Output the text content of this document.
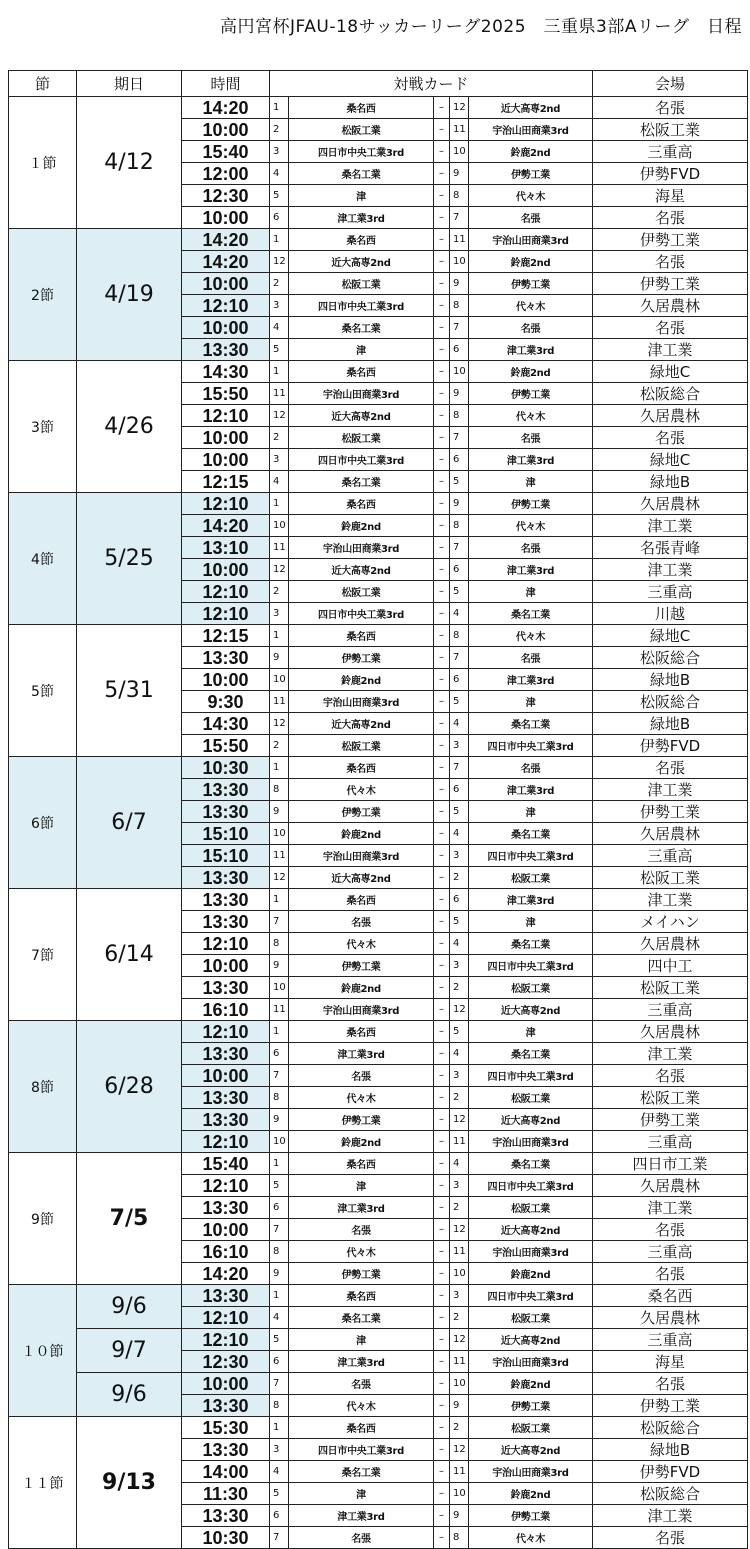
高円宮杯JFAU-18サッカーリーグ2025　三重県3部Aリーグ　日程
節	期日	時間	対戦カード					会場
１節	4/12	14:20	1	桑名西	–	12	近大高専2nd	名張
		10:00	2	松阪工業	–	11	宇治山田商業3rd	松阪工業
		15:40	3	四日市中央工業3rd	–	10	鈴鹿2nd	三重高
		12:00	4	桑名工業	–	9	伊勢工業	伊勢FVD
		12:30	5	津	–	8	代々木	海星
		10:00	6	津工業3rd	–	7	名張	名張
2節	4/19	14:20	1	桑名西	–	11	宇治山田商業3rd	伊勢工業
		14:20	12	近大高専2nd	–	10	鈴鹿2nd	名張
		10:00	2	松阪工業	–	9	伊勢工業	伊勢工業
		12:10	3	四日市中央工業3rd	–	8	代々木	久居農林
		10:00	4	桑名工業	–	7	名張	名張
		13:30	5	津	–	6	津工業3rd	津工業
3節	4/26	14:30	1	桑名西	–	10	鈴鹿2nd	緑地C
		15:50	11	宇治山田商業3rd	–	9	伊勢工業	松阪総合
		12:10	12	近大高専2nd	–	8	代々木	久居農林
		10:00	2	松阪工業	–	7	名張	名張
		10:00	3	四日市中央工業3rd	–	6	津工業3rd	緑地C
		12:15	4	桑名工業	–	5	津	緑地B
4節	5/25	12:10	1	桑名西	–	9	伊勢工業	久居農林
		14:20	10	鈴鹿2nd	–	8	代々木	津工業
		13:10	11	宇治山田商業3rd	–	7	名張	名張青峰
		10:00	12	近大高専2nd	–	6	津工業3rd	津工業
		12:10	2	松阪工業	–	5	津	三重高
		12:10	3	四日市中央工業3rd	–	4	桑名工業	川越
5節	5/31	12:15	1	桑名西	–	8	代々木	緑地C
		13:30	9	伊勢工業	–	7	名張	松阪総合
		10:00	10	鈴鹿2nd	–	6	津工業3rd	緑地B
		9:30	11	宇治山田商業3rd	–	5	津	松阪総合
		14:30	12	近大高専2nd	–	4	桑名工業	緑地B
		15:50	2	松阪工業	–	3	四日市中央工業3rd	伊勢FVD
6節	6/7	10:30	1	桑名西	–	7	名張	名張
		13:30	8	代々木	–	6	津工業3rd	津工業
		13:30	9	伊勢工業	–	5	津	伊勢工業
		15:10	10	鈴鹿2nd	–	4	桑名工業	久居農林
		15:10	11	宇治山田商業3rd	–	3	四日市中央工業3rd	三重高
		13:30	12	近大高専2nd	–	2	松阪工業	松阪工業
7節	6/14	13:30	1	桑名西	–	6	津工業3rd	津工業
		13:30	7	名張	–	5	津	メイハン
		12:10	8	代々木	–	4	桑名工業	久居農林
		10:00	9	伊勢工業	–	3	四日市中央工業3rd	四中工
		13:30	10	鈴鹿2nd	–	2	松阪工業	松阪工業
		16:10	11	宇治山田商業3rd	–	12	近大高専2nd	三重高
8節	6/28	12:10	1	桑名西	–	5	津	久居農林
		13:30	6	津工業3rd	–	4	桑名工業	津工業
		10:00	7	名張	–	3	四日市中央工業3rd	名張
		13:30	8	代々木	–	2	松阪工業	松阪工業
		13:30	9	伊勢工業	–	12	近大高専2nd	伊勢工業
		12:10	10	鈴鹿2nd	–	11	宇治山田商業3rd	三重高
9節	7/5	15:40	1	桑名西	–	4	桑名工業	四日市工業
		12:10	5	津	–	3	四日市中央工業3rd	久居農林
		13:30	6	津工業3rd	–	2	松阪工業	津工業
		10:00	7	名張	–	12	近大高専2nd	名張
		16:10	8	代々木	–	11	宇治山田商業3rd	三重高
		14:20	9	伊勢工業	–	10	鈴鹿2nd	名張
１０節	9/6	13:30	1	桑名西	–	3	四日市中央工業3rd	桑名西
		12:10	4	桑名工業	–	2	松阪工業	久居農林
	9/7	12:10	5	津	–	12	近大高専2nd	三重高
		12:30	6	津工業3rd	–	11	宇治山田商業3rd	海星
	9/6	10:00	7	名張	–	10	鈴鹿2nd	名張
		13:30	8	代々木	–	9	伊勢工業	伊勢工業
１１節	9/13	15:30	1	桑名西	–	2	松阪工業	松阪総合
		13:30	3	四日市中央工業3rd	–	12	近大高専2nd	緑地B
		14:00	4	桑名工業	–	11	宇治山田商業3rd	伊勢FVD
		11:30	5	津	–	10	鈴鹿2nd	松阪総合
		13:30	6	津工業3rd	–	9	伊勢工業	津工業
		10:30	7	名張	–	8	代々木	名張
